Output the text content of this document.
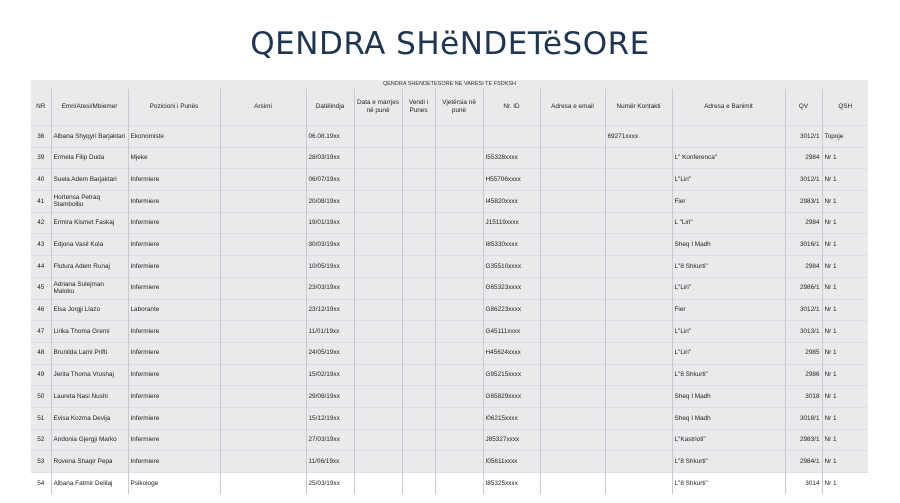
QENDRA SHëNDETëSORE
QENDRA SHENDETESORE NE VARESI TE FSDKSH
NR	Emri/Atesi/Mbiemer	Pozicioni i Punës	Arsimi	Datëlindja	Data e marrjes në punë	Vendi i Punes	Vjetërsia në punë	Nr. ID	Adresa e email	Numër Kontakti	Adresa e Banimit	QV	QSH
36	Albana Shyqyri Barjaktari	Ekonomiste		06.08.19xx						69271xxxx		3012/1	Topoje
39	Ermela Filip Duda	Mjeke		28/03/19xx				I55328xxxx			L" Konferenca"	2984	Nr 1
40	Suela Adem Barjaktari	Infermiere		06/07/19xx				H55706xxxx			L"Liri"	3012/1	Nr 1
41	Hortensa Petraq Stambolliu	Infermiere		20/08/19xx				I45820xxxx			Fier	2983/1	Nr 1
42	Ermira Kismet Faskaj	Infermiere		19/01/19xx				J15119xxxx			L "Liri"	2984	Nr 1
43	Edjona Vasil Kola	Infermiere		30/03/19xx				I85330xxxx			Sheq I Madh	3016/1	Nr 1
44	Flutura Adem Runaj	Infermiere		10/05/19xx				G35510xxxx			L"8 Shkurti"	2984	Nr 1
45	Adriana Sulejman Maloku	Infermiere		23/03/19xx				G65323xxxx			L"Liri"	2986/1	Nr 1
46	Elsa Jorgji Llazo	Laborante		23/12/19xx				G86223xxxx			Fier	3012/1	Nr 1
47	Lirika Thoma Gremi	Infermiere		11/01/19xx				G45111xxxx			L"Liri"	3013/1	Nr 1
48	Brunilda Lami Prifti	Infermiere		24/05/19xx				H45624xxxx			L"Liri"	2985	Nr 1
49	Jerita Thoma Vrushaj	Infermiere		15/02/19xx				G95215xxxx			L"8 Shkurti"	2986	Nr 1
50	Laureta Nasi Nushi	Infermiere		29/08/19xx				G65829xxxx			Sheq I Madh	3018	Nr 1
51	Evisa Kozma Devija	Infermiere		15/12/19xx				I06215xxxx			Sheq I Madh	3018/1	Nr 1
52	Andonia Gjergji Marko	Infermiere		27/03/19xx				J85327xxxx			L"Kastrioti"	2983/1	Nr 1
53	Rovena Shaqir Pepa	Infermiere		11/06/19xx				I05611xxxx			L"8 Shkurti"	2984/1	Nr 1
54	Albana Fatmir Delilaj	Psikologe		25/03/19xx				I85325xxxx			L"8 Shkurti"	3014	Nr 1
